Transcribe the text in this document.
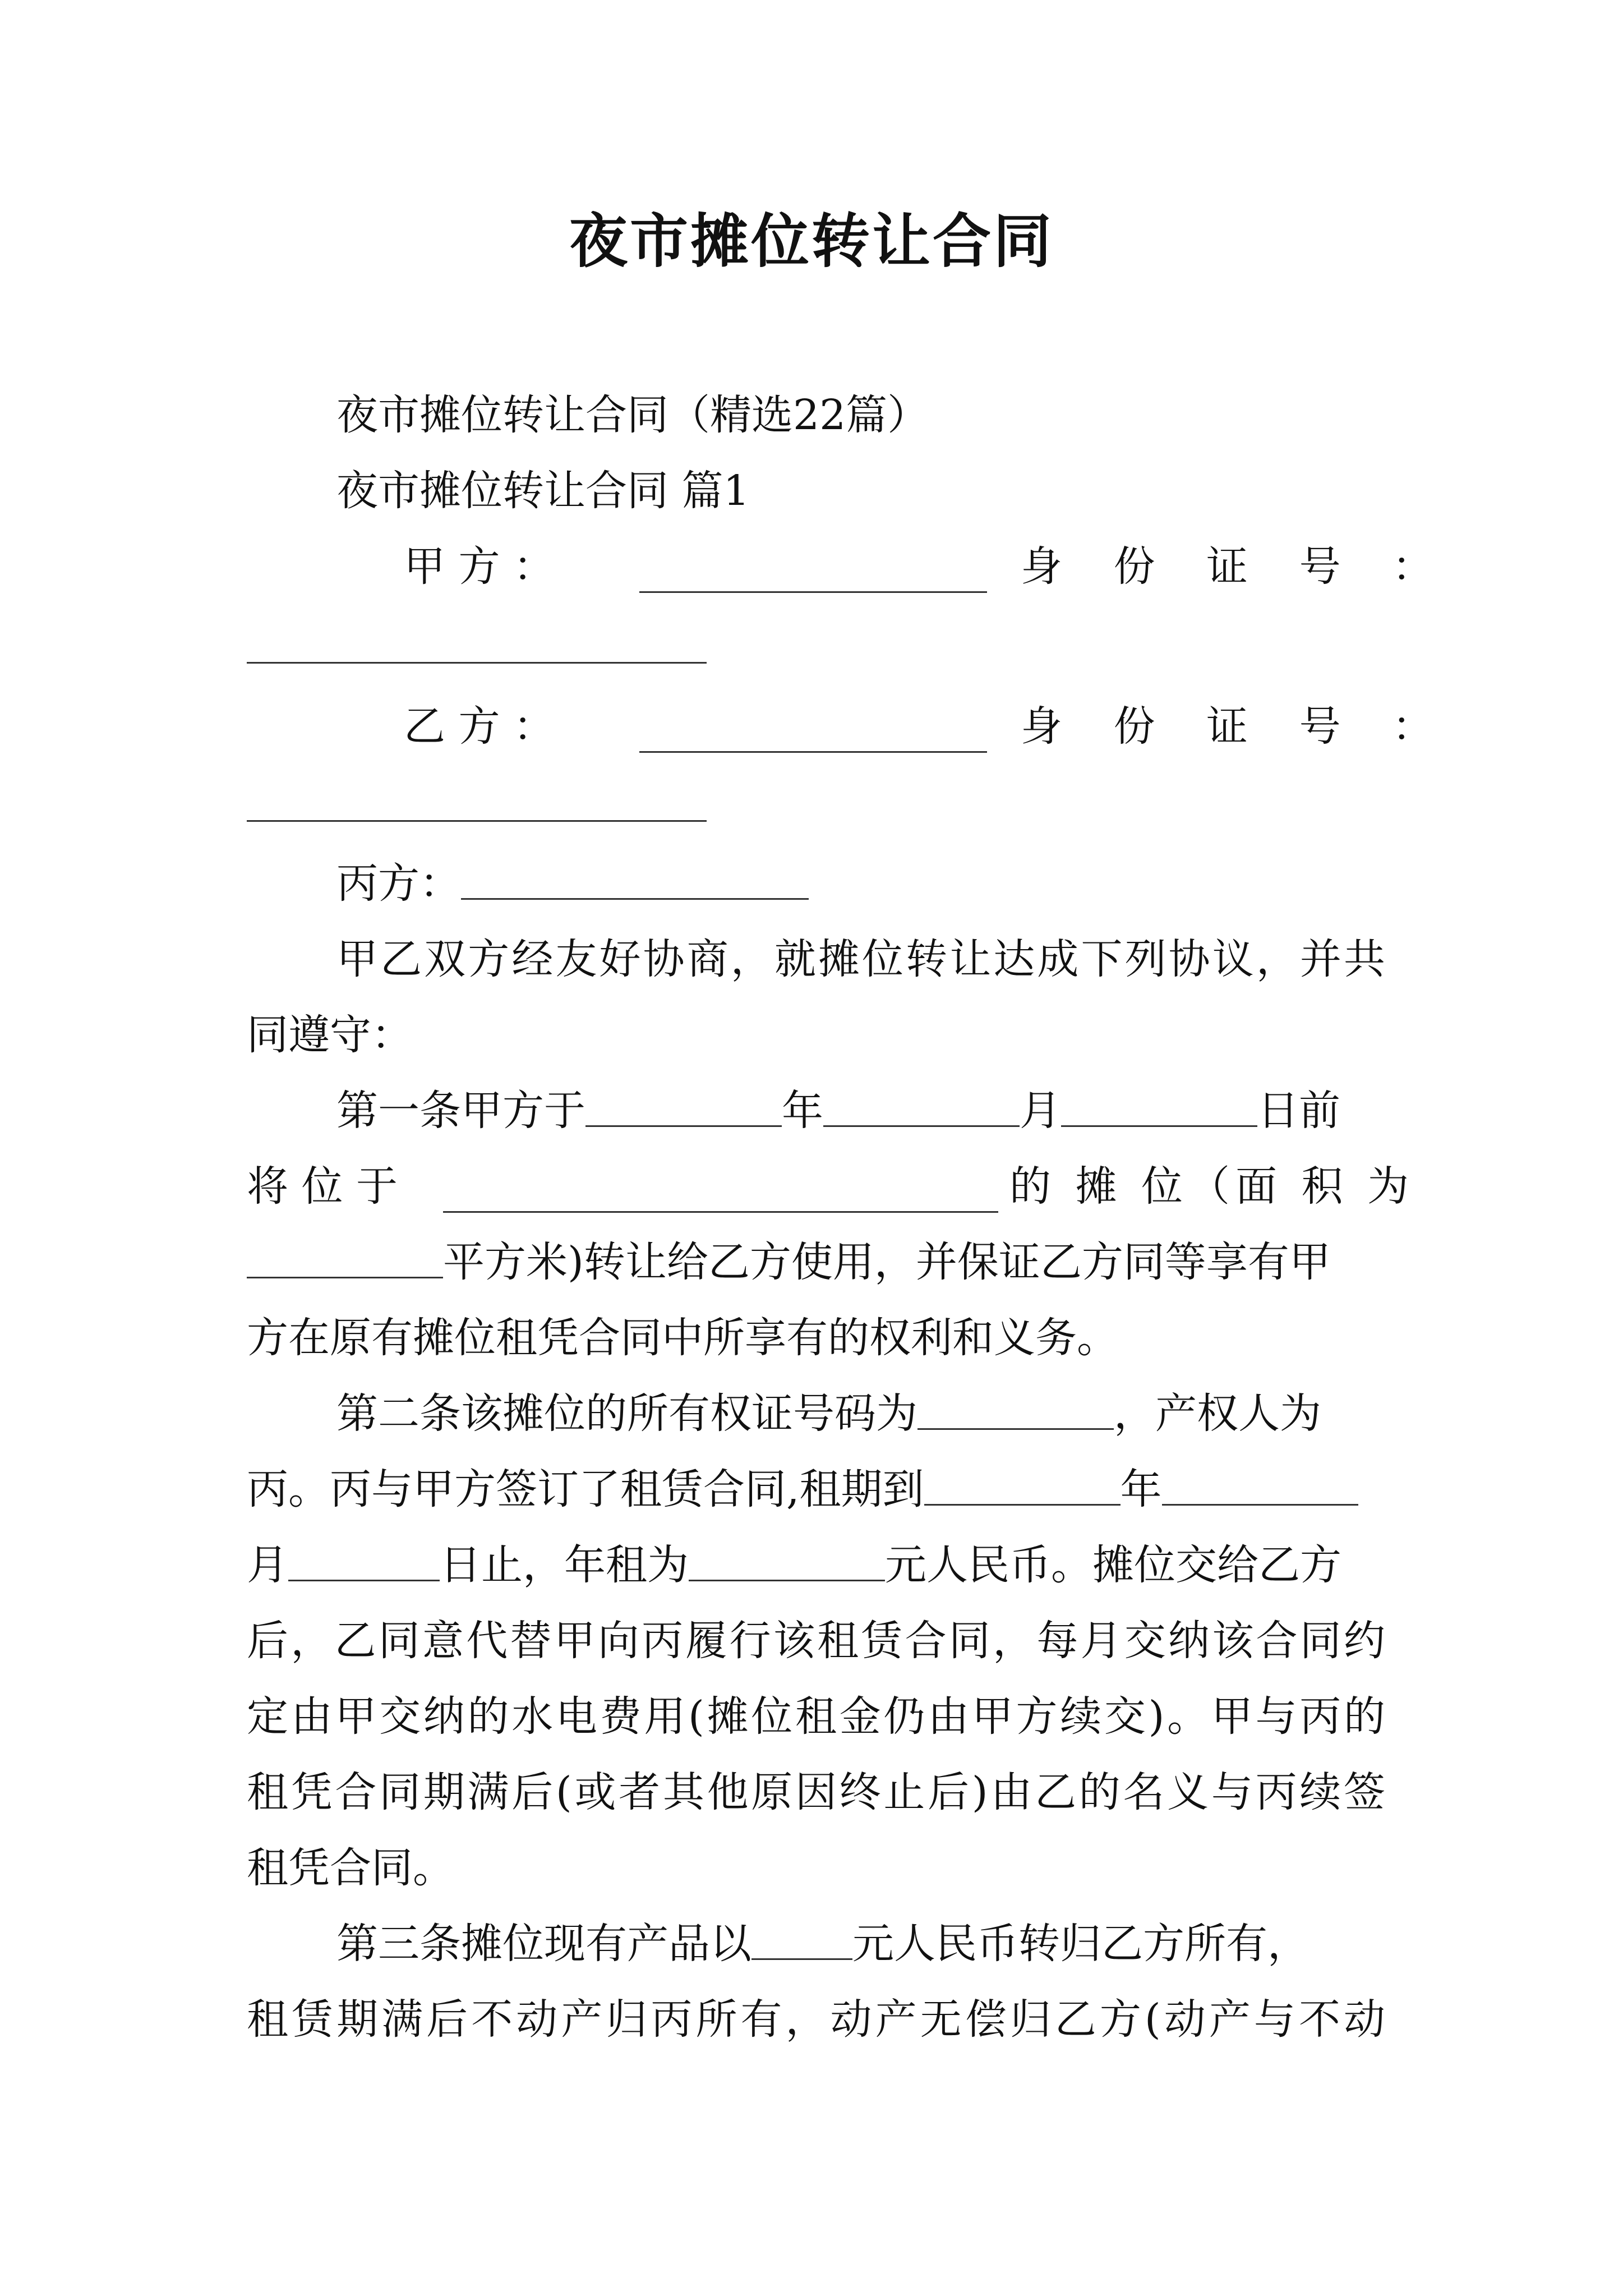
夜市摊位转让合同
夜市摊位转让合同（精选22篇）
夜市摊位转让合同 篇1
甲 方 ：	身 份 证 号 ：
乙 方 ：	身 份 证 号 ：
丙方：
甲乙双方经友好协商，就摊位转让达成下列协议，并共
同遵守：
第一条甲方于	年	月	日前
将 位 于	的 摊 位（面 积 为
平方米)转让给乙方使用，并保证乙方同等享有甲
方在原有摊位租凭合同中所享有的权利和义务。
第二条该摊位的所有权证号码为	，产权人为
丙。丙与甲方签订了租赁合同,租期到	年
月	日止，年租为	元人民币。摊位交给乙方
后，乙同意代替甲向丙履行该租赁合同，每月交纳该合同约
定由甲交纳的水电费用(摊位租金仍由甲方续交)。甲与丙的
租凭合同期满后(或者其他原因终止后)由乙的名义与丙续签
租凭合同。
第三条摊位现有产品以 元人民币转归乙方所有，
租赁期满后不动产归丙所有，动产无偿归乙方(动产与不动
